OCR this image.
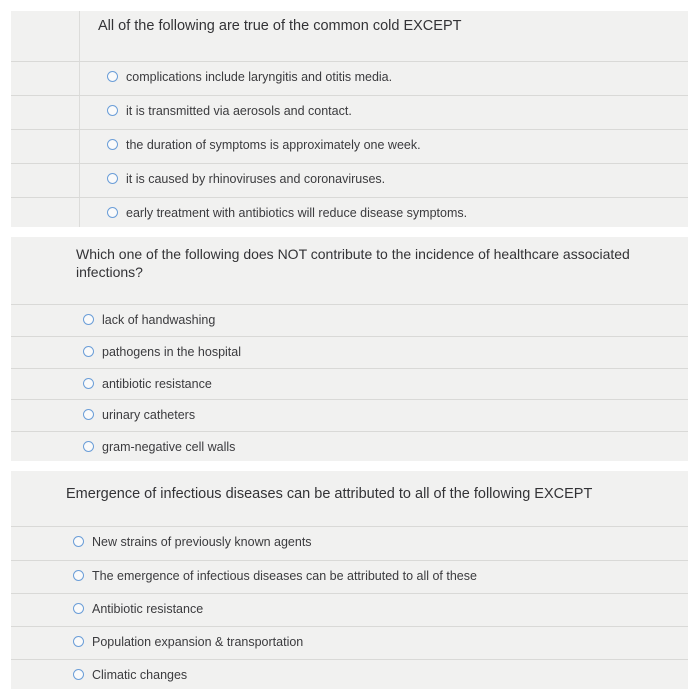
All of the following are true of the common cold EXCEPT

complications include laryngitis and otitis media.
it is transmitted via aerosols and contact.
the duration of symptoms is approximately one week.
it is caused by rhinoviruses and coronaviruses.
early treatment with antibiotics will reduce disease symptoms.

Which one of the following does NOT contribute to the incidence of healthcare associated infections?

lack of handwashing
pathogens in the hospital
antibiotic resistance
urinary catheters
gram-negative cell walls

Emergence of infectious diseases can be attributed to all of the following EXCEPT

New strains of previously known agents
The emergence of infectious diseases can be attributed to all of these
Antibiotic resistance
Population expansion & transportation
Climatic changes
